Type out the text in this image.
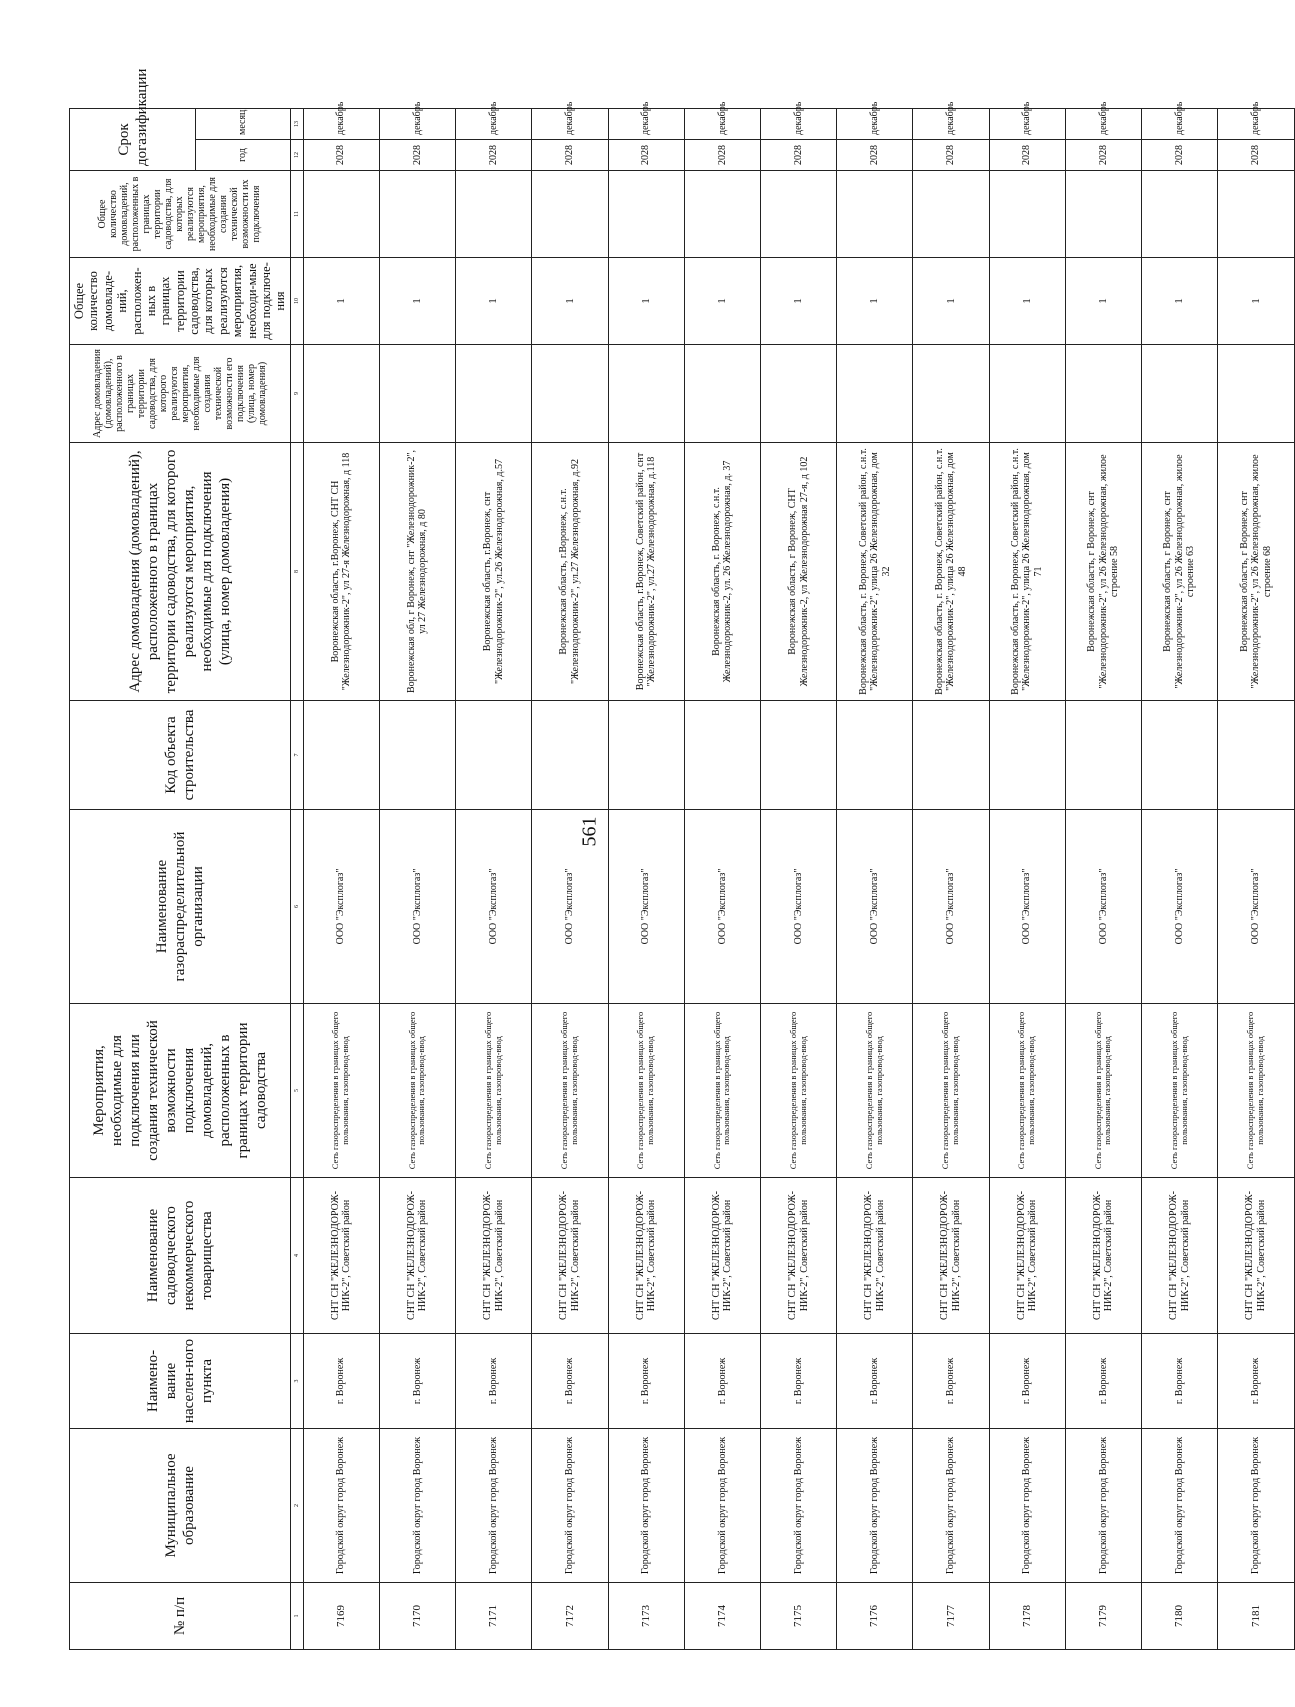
561
№ п/п	Муниципальное образование	Наимено-вание населен-ного пункта	Наименование садоводческого некоммерческого товарищества	Мероприятия, необходимые для подключения или создания технической возможности подключения домовладений, расположенных в границах территории садоводства	Наименование газораспределительной организации	Код объекта строительства	Адрес домовладения (домовладений), расположенного в границах территории садоводства, для которого реализуются мероприятия, необходимые для подключения (улица, номер домовладения)	Адрес домовладения (домовладений), расположенного в границах территории садоводства, для которого реализуются мероприятия, необходимые для создания технической возможности его подключения (улица, номер домовладения)	Общее количество домовладе-ний, расположен-ных в границах территории садоводства, для которых реализуются мероприятия, необходи-мые для подключе-ния	Общее количество домовладений, расположенных в границах территории садоводства, для которых реализуются мероприятия, необходимые для создания технической возможности их подключения	Срок догазификации	
											год	месяц
1	2	3	4	5	6	7	8	9	10	11	12	13
7169	Городской округ город Воронеж	г. Воронеж	СНТ СН "ЖЕЛЕЗНОДОРОЖ-НИК-2", Советский район	Сеть газораспределения в границах общего пользования, газопровод-ввод	ООО "Эксплогаз"		Воронежская область, г.Воронеж, СНТ СН "Железнодорожник-2", ул 27-я Железнодорожная, д 118		1		2028	декабрь
7170	Городской округ город Воронеж	г. Воронеж	СНТ СН "ЖЕЛЕЗНОДОРОЖ-НИК-2", Советский район	Сеть газораспределения в границах общего пользования, газопровод-ввод	ООО "Эксплогаз"		Воронежская обл, г Воронеж, снт "Железнодорожник-2", ул 27 Железнодорожная, д 80		1		2028	декабрь
7171	Городской округ город Воронеж	г. Воронеж	СНТ СН "ЖЕЛЕЗНОДОРОЖ-НИК-2", Советский район	Сеть газораспределения в границах общего пользования, газопровод-ввод	ООО "Эксплогаз"		Воронежская область, г.Воронеж, снт "Железнодорожник-2", ул.26 Железнодорожная, д.57		1		2028	декабрь
7172	Городской округ город Воронеж	г. Воронеж	СНТ СН "ЖЕЛЕЗНОДОРОЖ-НИК-2", Советский район	Сеть газораспределения в границах общего пользования, газопровод-ввод	ООО "Эксплогаз"		Воронежская область, г.Воронеж, с.н.т. "Железнодорожник-2", ул.27 Железнодорожная, д.92		1		2028	декабрь
7173	Городской округ город Воронеж	г. Воронеж	СНТ СН "ЖЕЛЕЗНОДОРОЖ-НИК-2", Советский район	Сеть газораспределения в границах общего пользования, газопровод-ввод	ООО "Эксплогаз"		Воронежская область, г.Воронеж, Советский район, снт "Железнодорожник-2", ул.27 Железнодорожная, д.118		1		2028	декабрь
7174	Городской округ город Воронеж	г. Воронеж	СНТ СН "ЖЕЛЕЗНОДОРОЖ-НИК-2", Советский район	Сеть газораспределения в границах общего пользования, газопровод-ввод	ООО "Эксплогаз"		Воронежская область, г. Воронеж, с.н.т. Железнодорожник-2, ул. 26 Железнодорожная, д. 37		1		2028	декабрь
7175	Городской округ город Воронеж	г. Воронеж	СНТ СН "ЖЕЛЕЗНОДОРОЖ-НИК-2", Советский район	Сеть газораспределения в границах общего пользования, газопровод-ввод	ООО "Эксплогаз"		Воронежская область, г Воронеж, СНТ Железнодорожник-2, ул Железнодорожная 27-я, д 102		1		2028	декабрь
7176	Городской округ город Воронеж	г. Воронеж	СНТ СН "ЖЕЛЕЗНОДОРОЖ-НИК-2", Советский район	Сеть газораспределения в границах общего пользования, газопровод-ввод	ООО "Эксплогаз"		Воронежская область, г. Воронеж, Советский район, с.н.т. "Железнодорожник-2", улица 26 Железнодорожная, дом 32		1		2028	декабрь
7177	Городской округ город Воронеж	г. Воронеж	СНТ СН "ЖЕЛЕЗНОДОРОЖ-НИК-2", Советский район	Сеть газораспределения в границах общего пользования, газопровод-ввод	ООО "Эксплогаз"		Воронежская область, г. Воронеж, Советский район, с.н.т. "Железнодорожник-2", улица 26 Железнодорожная, дом 48		1		2028	декабрь
7178	Городской округ город Воронеж	г. Воронеж	СНТ СН "ЖЕЛЕЗНОДОРОЖ-НИК-2", Советский район	Сеть газораспределения в границах общего пользования, газопровод-ввод	ООО "Эксплогаз"		Воронежская область, г. Воронеж, Советский район, с.н.т. "Железнодорожник-2", улица 26 Железнодорожная, дом 71		1		2028	декабрь
7179	Городской округ город Воронеж	г. Воронеж	СНТ СН "ЖЕЛЕЗНОДОРОЖ-НИК-2", Советский район	Сеть газораспределения в границах общего пользования, газопровод-ввод	ООО "Эксплогаз"		Воронежская область, г Воронеж, снт "Железнодорожник-2", ул 26 Железнодорожная, жилое строение 58		1		2028	декабрь
7180	Городской округ город Воронеж	г. Воронеж	СНТ СН "ЖЕЛЕЗНОДОРОЖ-НИК-2", Советский район	Сеть газораспределения в границах общего пользования, газопровод-ввод	ООО "Эксплогаз"		Воронежская область, г Воронеж, снт "Железнодорожник-2", ул 26 Железнодорожная, жилое строение 63		1		2028	декабрь
7181	Городской округ город Воронеж	г. Воронеж	СНТ СН "ЖЕЛЕЗНОДОРОЖ-НИК-2", Советский район	Сеть газораспределения в границах общего пользования, газопровод-ввод	ООО "Эксплогаз"		Воронежская область, г Воронеж, снт "Железнодорожник-2", ул 26 Железнодорожная, жилое строение 68		1		2028	декабрь
